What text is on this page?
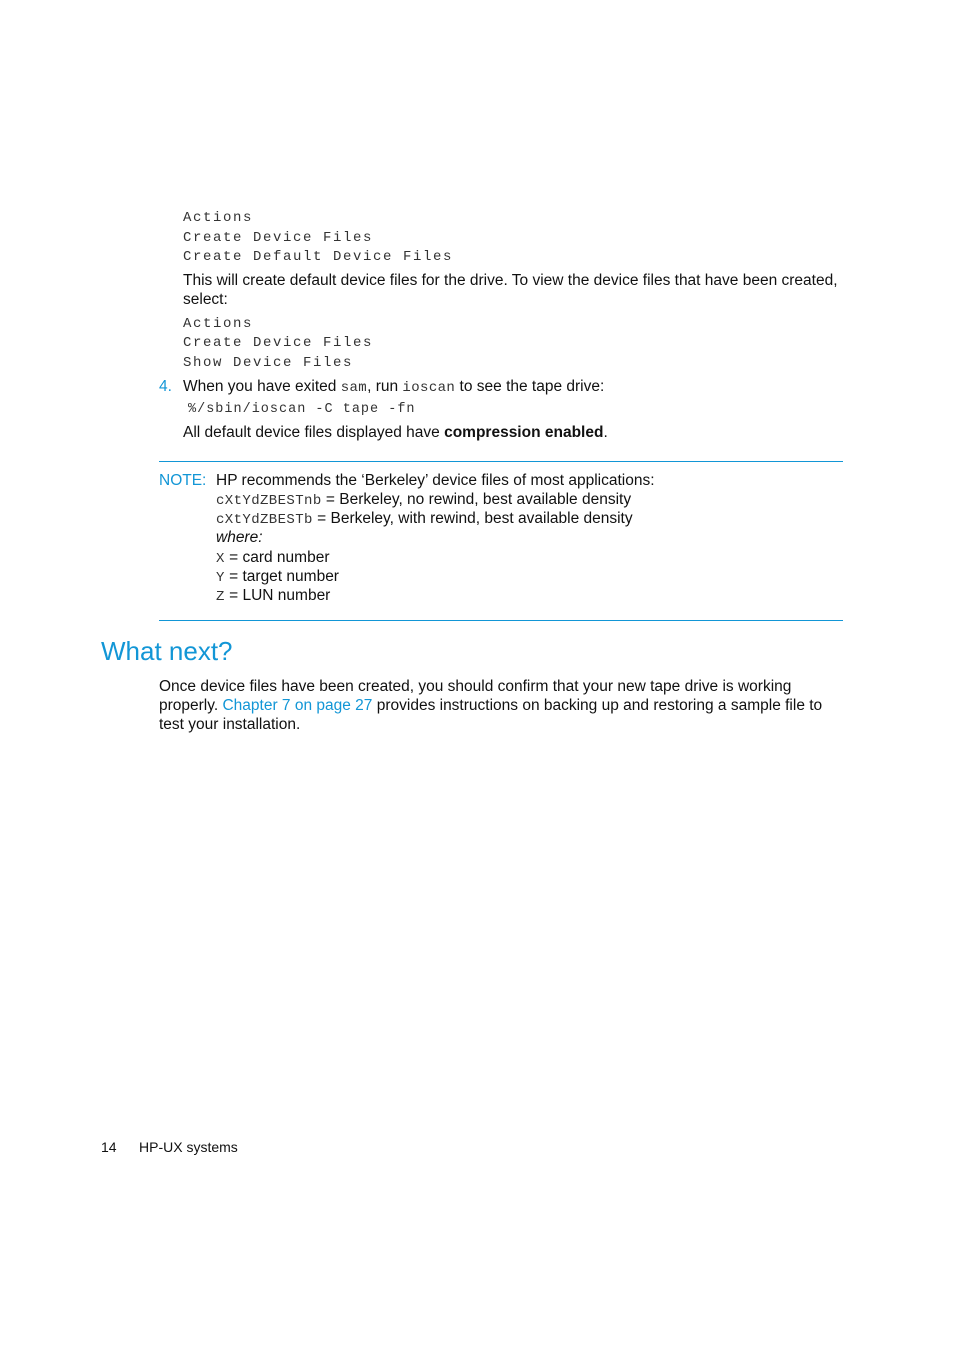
Actions
Create Device Files
Create Default Device Files
This will create default device files for the drive. To view the device files that have been created,
select:
Actions
Create Device Files
Show Device Files
4. When you have exited sam, run ioscan to see the tape drive:
%/sbin/ioscan -C tape -fn
All default device files displayed have compression enabled.
NOTE: HP recommends the ‘Berkeley’ device files of most applications:
cXtYdZBESTnb = Berkeley, no rewind, best available density
cXtYdZBESTb = Berkeley, with rewind, best available density
where:
X = card number
Y = target number
Z = LUN number
What next?
Once device files have been created, you should confirm that your new tape drive is working
properly. Chapter 7 on page 27 provides instructions on backing up and restoring a sample file to
test your installation.
14 HP-UX systems
